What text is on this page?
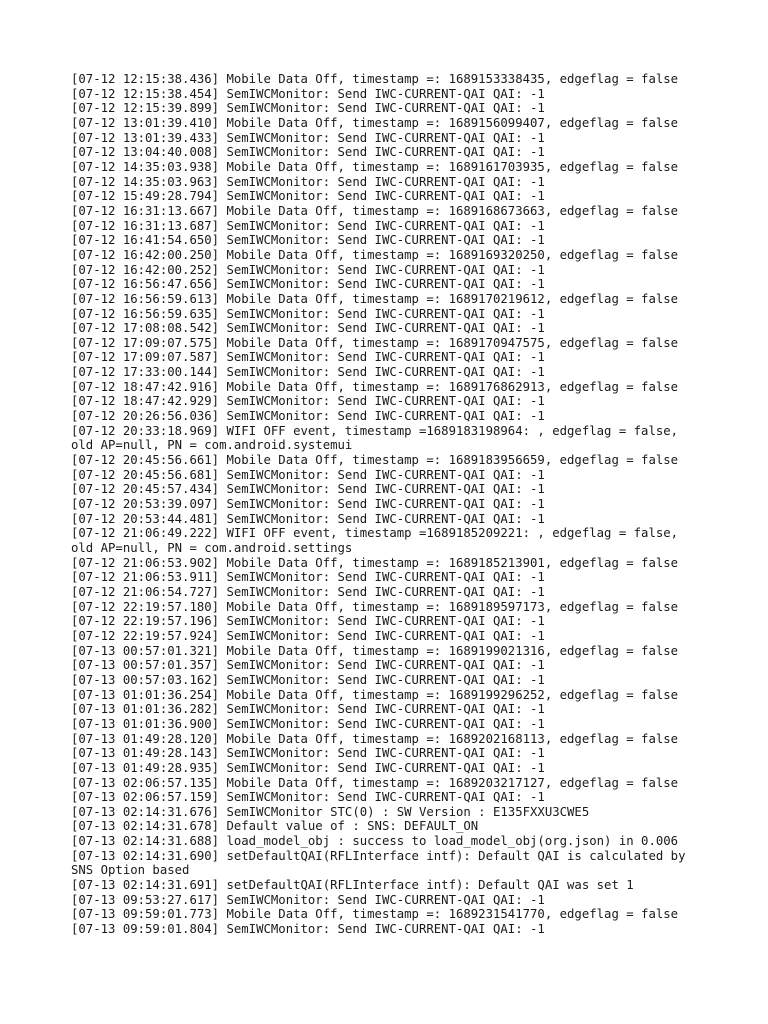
[07-12 12:15:38.436] Mobile Data Off, timestamp =: 1689153338435, edgeflag = false
[07-12 12:15:38.454] SemIWCMonitor: Send IWC-CURRENT-QAI QAI: -1
[07-12 12:15:39.899] SemIWCMonitor: Send IWC-CURRENT-QAI QAI: -1
[07-12 13:01:39.410] Mobile Data Off, timestamp =: 1689156099407, edgeflag = false
[07-12 13:01:39.433] SemIWCMonitor: Send IWC-CURRENT-QAI QAI: -1
[07-12 13:04:40.008] SemIWCMonitor: Send IWC-CURRENT-QAI QAI: -1
[07-12 14:35:03.938] Mobile Data Off, timestamp =: 1689161703935, edgeflag = false
[07-12 14:35:03.963] SemIWCMonitor: Send IWC-CURRENT-QAI QAI: -1
[07-12 15:49:28.794] SemIWCMonitor: Send IWC-CURRENT-QAI QAI: -1
[07-12 16:31:13.667] Mobile Data Off, timestamp =: 1689168673663, edgeflag = false
[07-12 16:31:13.687] SemIWCMonitor: Send IWC-CURRENT-QAI QAI: -1
[07-12 16:41:54.650] SemIWCMonitor: Send IWC-CURRENT-QAI QAI: -1
[07-12 16:42:00.250] Mobile Data Off, timestamp =: 1689169320250, edgeflag = false
[07-12 16:42:00.252] SemIWCMonitor: Send IWC-CURRENT-QAI QAI: -1
[07-12 16:56:47.656] SemIWCMonitor: Send IWC-CURRENT-QAI QAI: -1
[07-12 16:56:59.613] Mobile Data Off, timestamp =: 1689170219612, edgeflag = false
[07-12 16:56:59.635] SemIWCMonitor: Send IWC-CURRENT-QAI QAI: -1
[07-12 17:08:08.542] SemIWCMonitor: Send IWC-CURRENT-QAI QAI: -1
[07-12 17:09:07.575] Mobile Data Off, timestamp =: 1689170947575, edgeflag = false
[07-12 17:09:07.587] SemIWCMonitor: Send IWC-CURRENT-QAI QAI: -1
[07-12 17:33:00.144] SemIWCMonitor: Send IWC-CURRENT-QAI QAI: -1
[07-12 18:47:42.916] Mobile Data Off, timestamp =: 1689176862913, edgeflag = false
[07-12 18:47:42.929] SemIWCMonitor: Send IWC-CURRENT-QAI QAI: -1
[07-12 20:26:56.036] SemIWCMonitor: Send IWC-CURRENT-QAI QAI: -1
[07-12 20:33:18.969] WIFI OFF event, timestamp =1689183198964: , edgeflag = false,
old AP=null, PN = com.android.systemui
[07-12 20:45:56.661] Mobile Data Off, timestamp =: 1689183956659, edgeflag = false
[07-12 20:45:56.681] SemIWCMonitor: Send IWC-CURRENT-QAI QAI: -1
[07-12 20:45:57.434] SemIWCMonitor: Send IWC-CURRENT-QAI QAI: -1
[07-12 20:53:39.097] SemIWCMonitor: Send IWC-CURRENT-QAI QAI: -1
[07-12 20:53:44.481] SemIWCMonitor: Send IWC-CURRENT-QAI QAI: -1
[07-12 21:06:49.222] WIFI OFF event, timestamp =1689185209221: , edgeflag = false,
old AP=null, PN = com.android.settings
[07-12 21:06:53.902] Mobile Data Off, timestamp =: 1689185213901, edgeflag = false
[07-12 21:06:53.911] SemIWCMonitor: Send IWC-CURRENT-QAI QAI: -1
[07-12 21:06:54.727] SemIWCMonitor: Send IWC-CURRENT-QAI QAI: -1
[07-12 22:19:57.180] Mobile Data Off, timestamp =: 1689189597173, edgeflag = false
[07-12 22:19:57.196] SemIWCMonitor: Send IWC-CURRENT-QAI QAI: -1
[07-12 22:19:57.924] SemIWCMonitor: Send IWC-CURRENT-QAI QAI: -1
[07-13 00:57:01.321] Mobile Data Off, timestamp =: 1689199021316, edgeflag = false
[07-13 00:57:01.357] SemIWCMonitor: Send IWC-CURRENT-QAI QAI: -1
[07-13 00:57:03.162] SemIWCMonitor: Send IWC-CURRENT-QAI QAI: -1
[07-13 01:01:36.254] Mobile Data Off, timestamp =: 1689199296252, edgeflag = false
[07-13 01:01:36.282] SemIWCMonitor: Send IWC-CURRENT-QAI QAI: -1
[07-13 01:01:36.900] SemIWCMonitor: Send IWC-CURRENT-QAI QAI: -1
[07-13 01:49:28.120] Mobile Data Off, timestamp =: 1689202168113, edgeflag = false
[07-13 01:49:28.143] SemIWCMonitor: Send IWC-CURRENT-QAI QAI: -1
[07-13 01:49:28.935] SemIWCMonitor: Send IWC-CURRENT-QAI QAI: -1
[07-13 02:06:57.135] Mobile Data Off, timestamp =: 1689203217127, edgeflag = false
[07-13 02:06:57.159] SemIWCMonitor: Send IWC-CURRENT-QAI QAI: -1
[07-13 02:14:31.676] SemIWCMonitor STC(0) : SW Version : E135FXXU3CWE5
[07-13 02:14:31.678] Default value of : SNS: DEFAULT_ON
[07-13 02:14:31.688] load_model_obj : success to load_model_obj(org.json) in 0.006
[07-13 02:14:31.690] setDefaultQAI(RFLInterface intf): Default QAI is calculated by
SNS Option based
[07-13 02:14:31.691] setDefaultQAI(RFLInterface intf): Default QAI was set 1
[07-13 09:53:27.617] SemIWCMonitor: Send IWC-CURRENT-QAI QAI: -1
[07-13 09:59:01.773] Mobile Data Off, timestamp =: 1689231541770, edgeflag = false
[07-13 09:59:01.804] SemIWCMonitor: Send IWC-CURRENT-QAI QAI: -1
